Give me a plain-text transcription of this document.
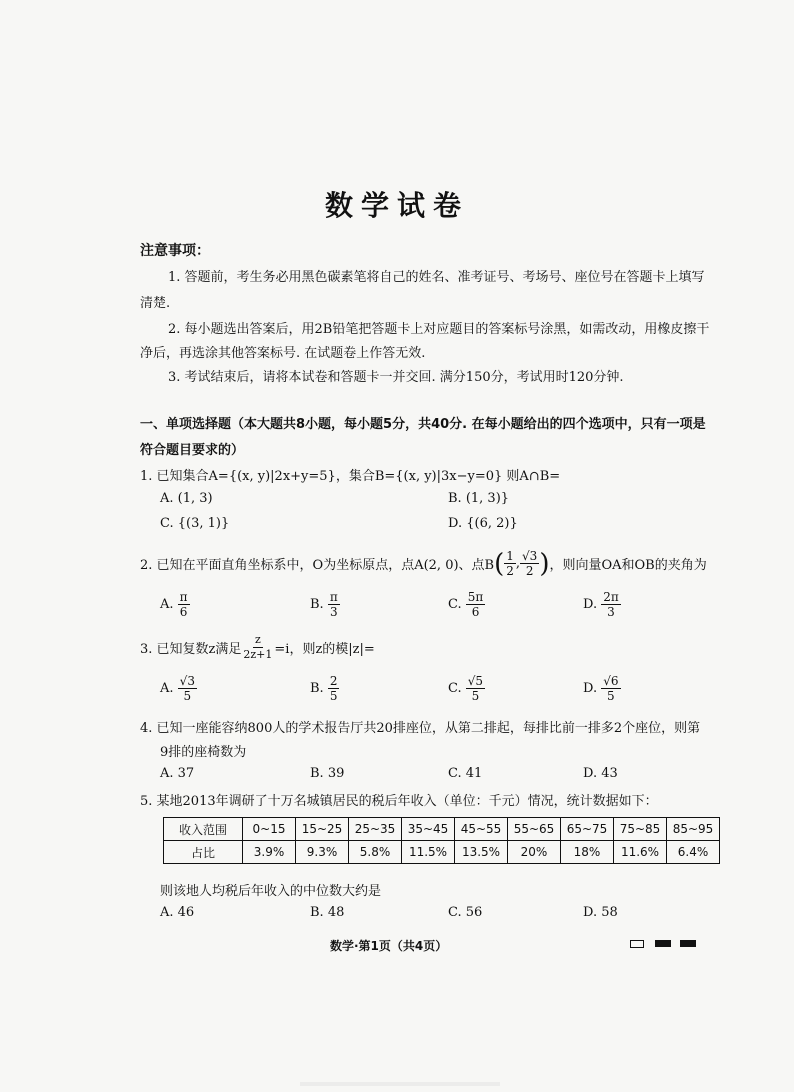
数学试卷
注意事项：
1. 答题前，考生务必用黑色碳素笔将自己的姓名、准考证号、考场号、座位号在答题卡上填写
清楚.
2. 每小题选出答案后，用2B铅笔把答题卡上对应题目的答案标号涂黑，如需改动，用橡皮擦干
净后，再选涂其他答案标号. 在试题卷上作答无效.
3. 考试结束后，请将本试卷和答题卡一并交回. 满分150分，考试用时120分钟.
一、单项选择题（本大题共8小题，每小题5分，共40分. 在每小题给出的四个选项中，只有一项是
符合题目要求的）
1. 已知集合A={(x, y)|2x+y=5}，集合B={(x, y)|3x−y=0} 则A∩B=
A. (1, 3)	B. (1, 3)}
C. {(3, 1)}	D. {(6, 2)}
2. 已知在平面直角坐标系中，O为坐标原点，点A(2, 0)、点B ( $\frac{1}{2}$ , $\frac{√3}{2}$ ) ，则向量OA和OB的夹角为
A. $\frac{\pi}{6}$	B. $\frac{\pi}{3}$	C. $\frac{5\pi}{6}$	D. $\frac{2\pi}{3}$
3. 已知复数z满足 $\frac{z}{2z+1} =i$，则z的模|z|=
A. $\frac{√3}{5}$	B. $\frac{2}{5}$	C. $\frac{√5}{5}$	D. $\frac{√6}{5}$
4. 已知一座能容纳800人的学术报告厅共20排座位，从第二排起，每排比前一排多2个座位，则第
9排的座椅数为
A. 37	B. 39	C. 41	D. 43
5. 某地2013年调研了十万名城镇居民的税后年收入（单位：千元）情况，统计数据如下：
收入范围	0~15	15~25	25~35	35~45	45~55	55~65	65~75	75~85	85~95
占比	3.9%	9.3%	5.8%	11.5%	13.5%	20%	18%	11.6%	6.4%
则该地人均税后年收入的中位数大约是
A. 46	B. 48	C. 56	D. 58
数学·第1页（共4页）
